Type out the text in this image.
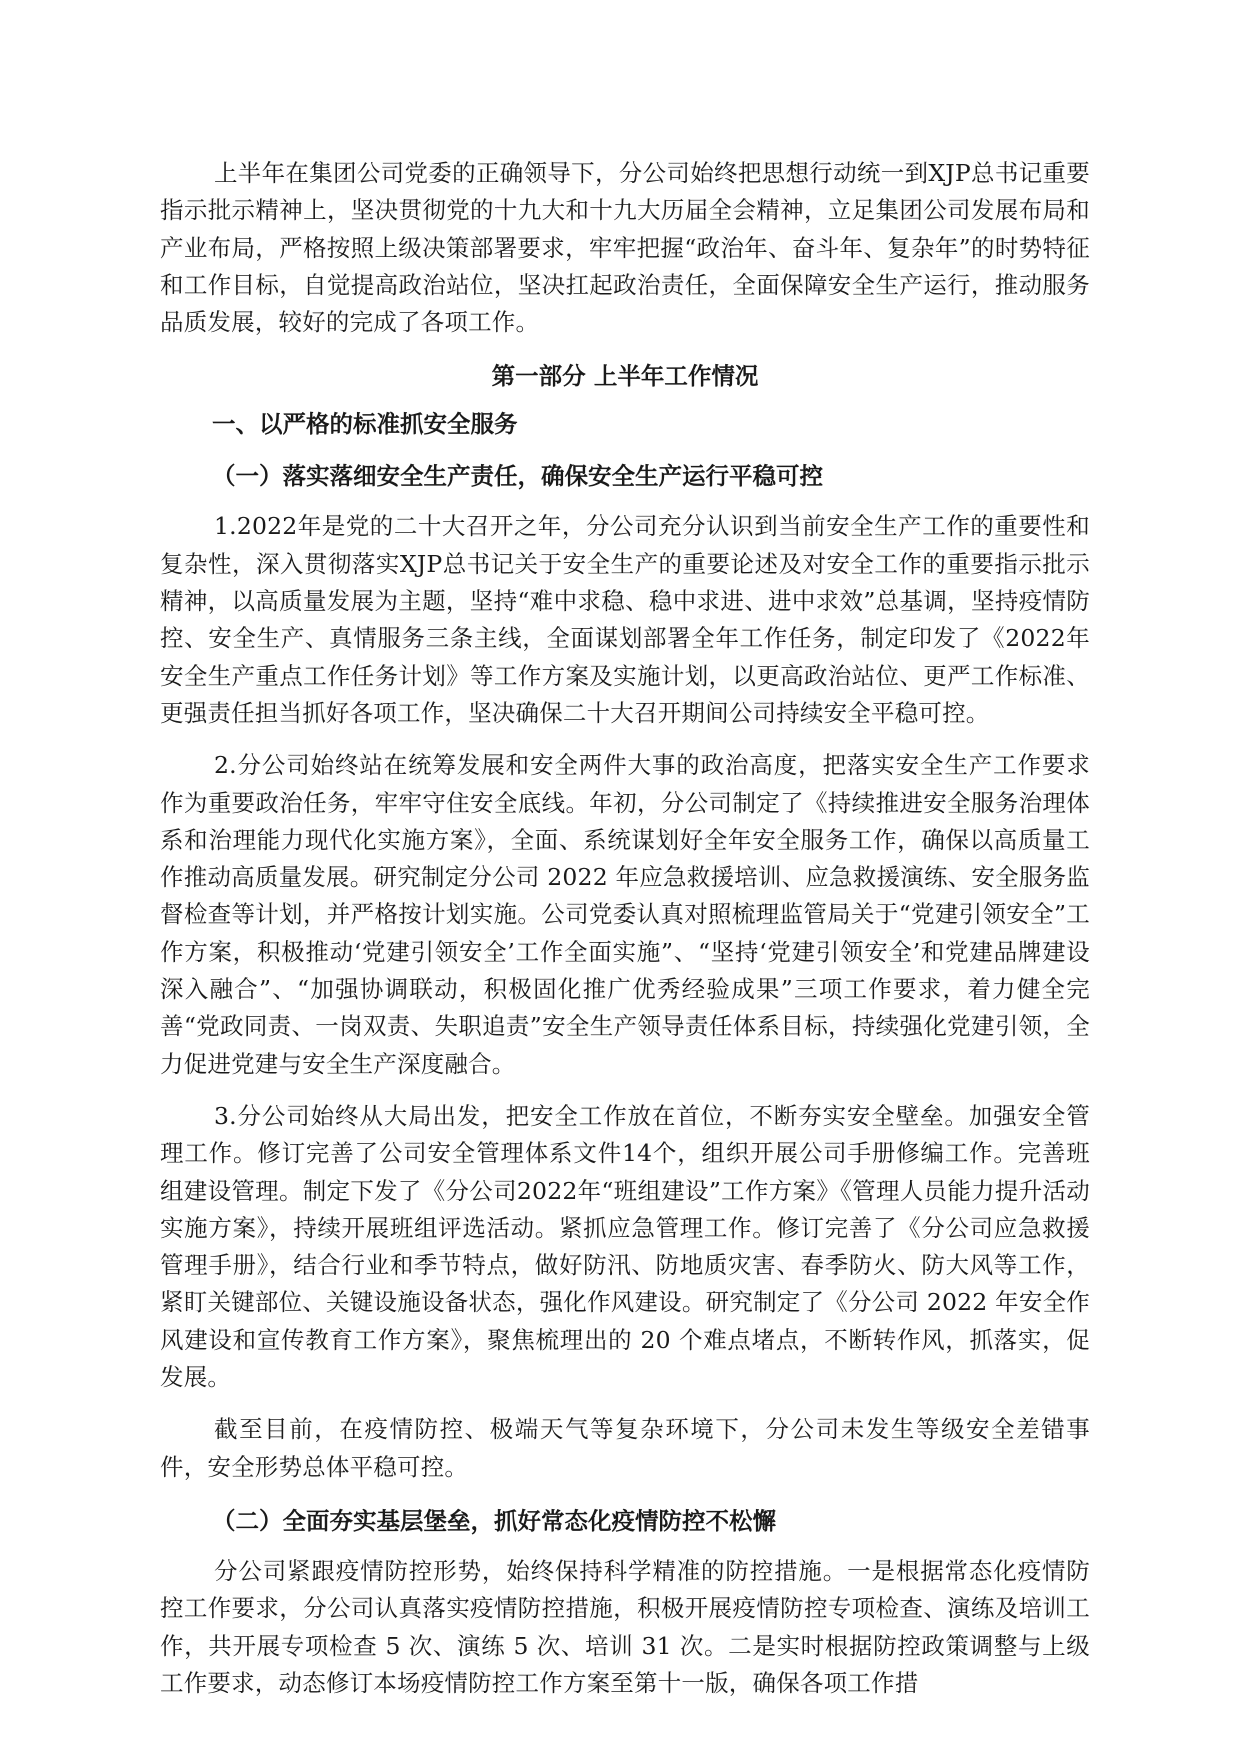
上半年在集团公司党委的正确领导下，分公司始终把思想行动统一到XJP总书记重要指示批示精神上，坚决贯彻党的十九大和十九大历届全会精神，立足集团公司发展布局和产业布局，严格按照上级决策部署要求，牢牢把握“政治年、奋斗年、复杂年”的时势特征和工作目标，自觉提高政治站位，坚决扛起政治责任，全面保障安全生产运行，推动服务品质发展，较好的完成了各项工作。

第一部分 上半年工作情况
一、以严格的标准抓安全服务
（一）落实落细安全生产责任，确保安全生产运行平稳可控

1.2022年是党的二十大召开之年，分公司充分认识到当前安全生产工作的重要性和复杂性，深入贯彻落实XJP总书记关于安全生产的重要论述及对安全工作的重要指示批示精神，以高质量发展为主题，坚持“难中求稳、稳中求进、进中求效”总基调，坚持疫情防控、安全生产、真情服务三条主线，全面谋划部署全年工作任务，制定印发了《2022年安全生产重点工作任务计划》等工作方案及实施计划，以更高政治站位、更严工作标准、更强责任担当抓好各项工作，坚决确保二十大召开期间公司持续安全平稳可控。

2.分公司始终站在统筹发展和安全两件大事的政治高度，把落实安全生产工作要求作为重要政治任务，牢牢守住安全底线。年初，分公司制定了《持续推进安全服务治理体系和治理能力现代化实施方案》，全面、系统谋划好全年安全服务工作，确保以高质量工作推动高质量发展。研究制定分公司 2022 年应急救援培训、应急救援演练、安全服务监督检查等计划，并严格按计划实施。公司党委认真对照梳理监管局关于“党建引领安全”工作方案，积极推动‘党建引领安全’工作全面实施”、“坚持‘党建引领安全’和党建品牌建设深入融合”、“加强协调联动，积极固化推广优秀经验成果”三项工作要求，着力健全完善“党政同责、一岗双责、失职追责”安全生产领导责任体系目标，持续强化党建引领，全力促进党建与安全生产深度融合。

3.分公司始终从大局出发，把安全工作放在首位，不断夯实安全壁垒。加强安全管理工作。修订完善了公司安全管理体系文件14个，组织开展公司手册修编工作。完善班组建设管理。制定下发了《分公司2022年“班组建设”工作方案》《管理人员能力提升活动实施方案》，持续开展班组评选活动。紧抓应急管理工作。修订完善了《分公司应急救援管理手册》，结合行业和季节特点，做好防汛、防地质灾害、春季防火、防大风等工作，紧盯关键部位、关键设施设备状态，强化作风建设。研究制定了《分公司 2022 年安全作风建设和宣传教育工作方案》，聚焦梳理出的 20 个难点堵点，不断转作风，抓落实，促发展。

截至目前，在疫情防控、极端天气等复杂环境下，分公司未发生等级安全差错事件，安全形势总体平稳可控。

（二）全面夯实基层堡垒，抓好常态化疫情防控不松懈

分公司紧跟疫情防控形势，始终保持科学精准的防控措施。一是根据常态化疫情防控工作要求，分公司认真落实疫情防控措施，积极开展疫情防控专项检查、演练及培训工作，共开展专项检查 5 次、演练 5 次、培训 31 次。二是实时根据防控政策调整与上级工作要求，动态修订本场疫情防控工作方案至第十一版，确保各项工作措
